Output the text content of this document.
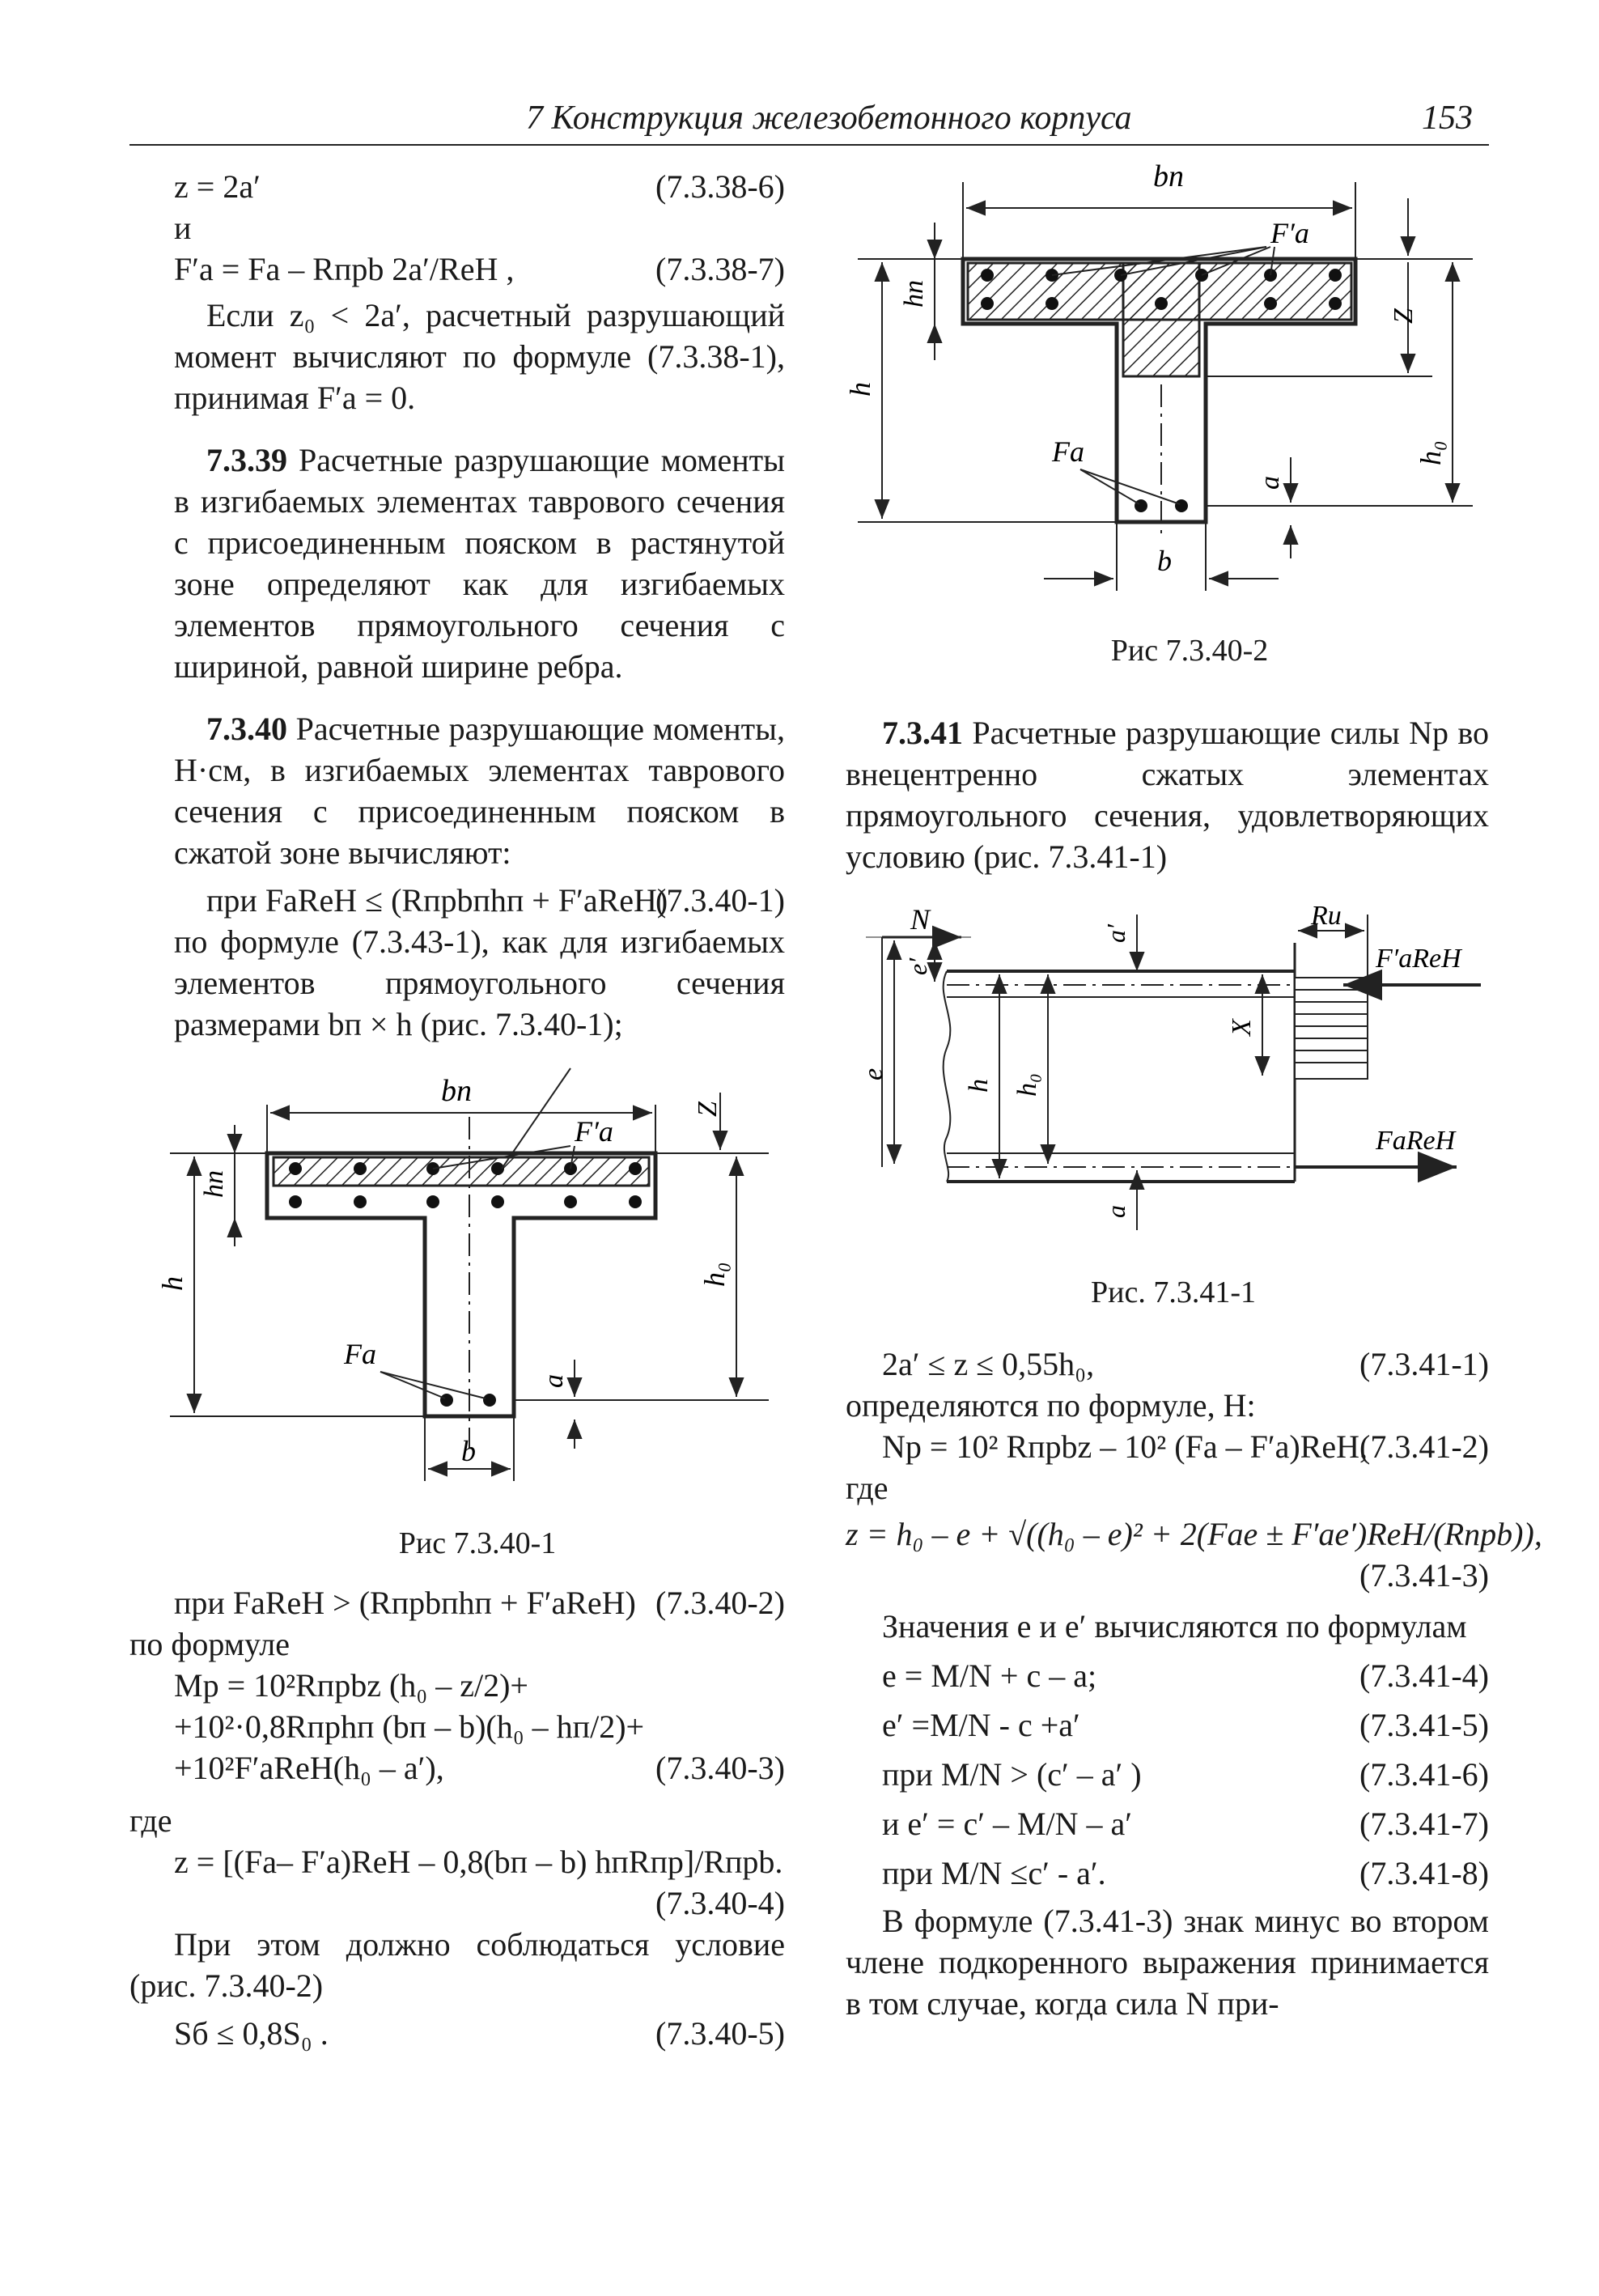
7 Конструкция железобетонного корпуса	153
z = 2a′	(7.3.38-6)
и
F′а = Fа – Rпрb 2a′/RеН ,	(7.3.38-7)

Если z₀ < 2a′, расчетный разрушающий момент вычисляют по формуле (7.3.38-1), принимая F′а = 0.

7.3.39 Расчетные разрушающие моменты в изгибаемых элементах таврового сечения с присоединенным пояском в растянутой зоне определяют как для изгибаемых элементов прямоугольного сечения с шириной, равной ширине ребра.

7.3.40 Расчетные разрушающие моменты, Н·см, в изгибаемых элементах таврового сечения с присоединенным пояском в сжатой зоне вычисляют:

при FаRеН ≤ (Rпрbпhп + F′аRеН)
(7.3.40-1)

по формуле (7.3.43-1), как для изгибаемых элементов прямоугольного сечения размерами bп × h (рис. 7.3.40-1);

bп
F′а
h
hп
Z
h₀
a
Fа
b
Рис 7.3.40-1
при FаRеН > (Rпрbпhп + F′аRеН) (7.3.40-2)
по формуле
Mр = 10²Rпрbz (h₀ – z/2)+
+10²·0,8Rпрhп (bп – b)(h₀ – hп/2)+
+10²F′аRеН(h₀ – a′),	(7.3.40-3)
где
z = [(Fа– F′а)RеН – 0,8(bп – b) hпRпр]/Rпрb.
(7.3.40-4)

При этом должно соблюдаться условие (рис. 7.3.40-2)

Sб ≤ 0,8S₀ .	(7.3.40-5)
bп
F′а
h
hп
Z
h₀
a
Fа
b
Рис 7.3.40-2

7.3.41 Расчетные разрушающие силы Nр во внецентренно сжатых элементах прямоугольного сечения, удовлетворяющих условию (рис. 7.3.41-1)

N
e
e′
h h₀
a′
a
X
Rи
F′аRеН
FаRеН
Рис. 7.3.41-1
2a′ ≤ z ≤ 0,55h₀,	(7.3.41-1)
определяются по формуле, Н:
Nр = 10² Rпрbz – 10² (Fа – F′а)RеН,
(7.3.41-2)
где
z = h₀ – e + √((h₀ – e)² + 2(Fаe ± F′аe′)RеН/(Rпрb)),
(7.3.41-3)

Значения e и e′ вычисляются по формулам

e = M/N + c – a;	(7.3.41-4)
e′ =M/N - c +a′	(7.3.41-5)
при M/N > (c′ – a′ )	(7.3.41-6)
и e′ = c′ – M/N – a′	(7.3.41-7)
при M/N ≤c′ - a′.	(7.3.41-8)

В формуле (7.3.41-3) знак минус во втором члене подкоренного выражения принимается в том случае, когда сила N при-
